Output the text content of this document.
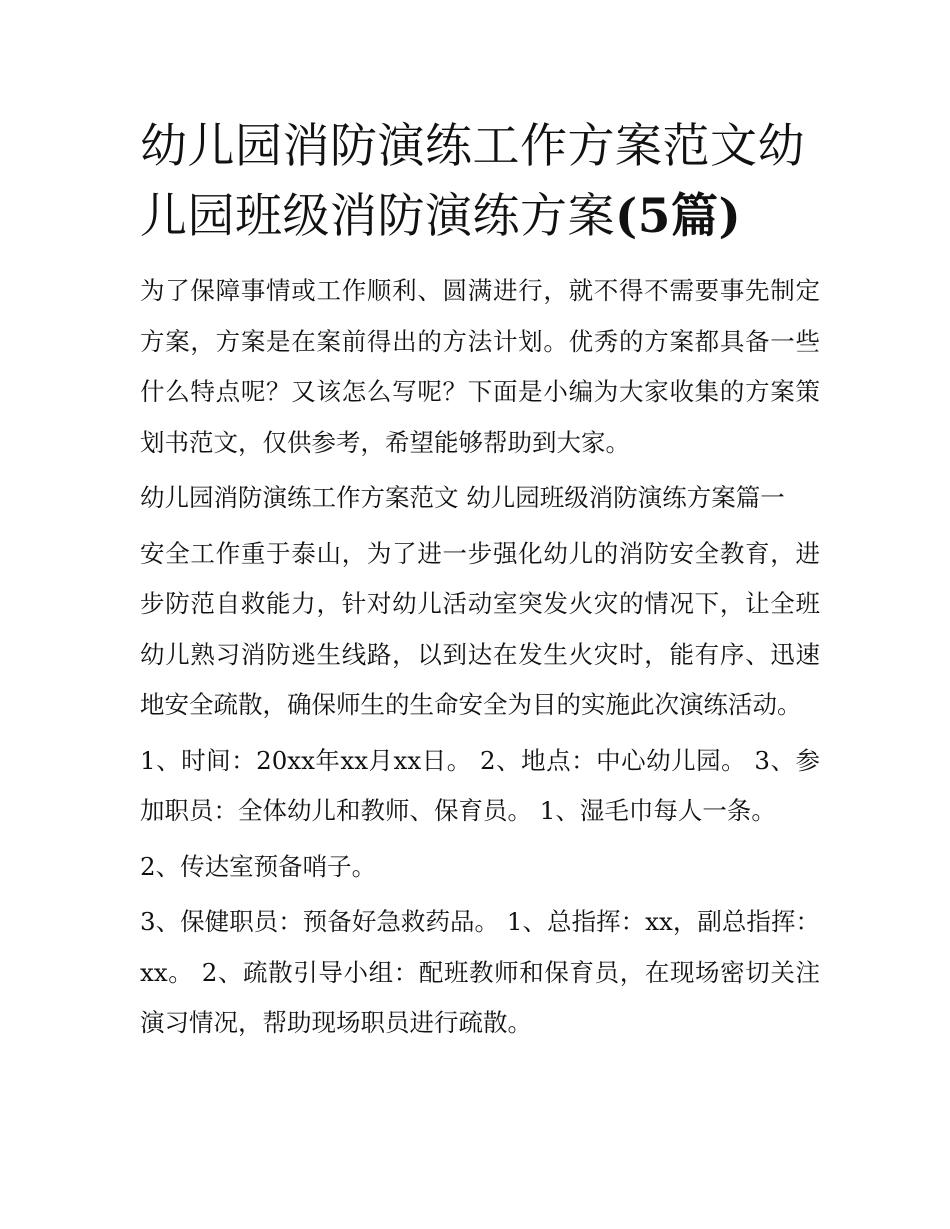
幼儿园消防演练工作方案范文幼儿园班级消防演练方案(5篇)

为了保障事情或工作顺利、圆满进行，就不得不需要事先制定方案，方案是在案前得出的方法计划。优秀的方案都具备一些什么特点呢？又该怎么写呢？下面是小编为大家收集的方案策划书范文，仅供参考，希望能够帮助到大家。

幼儿园消防演练工作方案范文 幼儿园班级消防演练方案篇一

安全工作重于泰山，为了进一步强化幼儿的消防安全教育，进步防范自救能力，针对幼儿活动室突发火灾的情况下，让全班幼儿熟习消防逃生线路，以到达在发生火灾时，能有序、迅速地安全疏散，确保师生的生命安全为目的实施此次演练活动。

1、时间：20xx年xx月xx日。 2、地点：中心幼儿园。 3、参加职员：全体幼儿和教师、保育员。 1、湿毛巾每人一条。

2、传达室预备哨子。

3、保健职员：预备好急救药品。 1、总指挥：xx，副总指挥：xx。 2、疏散引导小组：配班教师和保育员，在现场密切关注演习情况，帮助现场职员进行疏散。
